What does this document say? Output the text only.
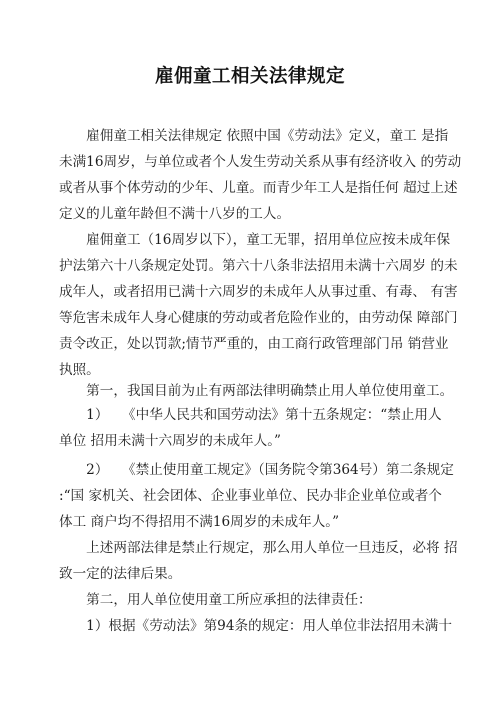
雇佣童工相关法律规定
　　雇佣童工相关法律规定 依照中国《劳动法》定义，童工 是指
未满16周岁，与单位或者个人发生劳动关系从事有经济收入 的劳动
或者从事个体劳动的少年、儿童。而青少年工人是指任何 超过上述
定义的儿童年龄但不满十八岁的工人。
　　雇佣童工（16周岁以下），童工无罪，招用单位应按未成年保
护法第六十八条规定处罚。第六十八条非法招用未满十六周岁 的未
成年人，或者招用已满十六周岁的未成年人从事过重、有毒、 有害
等危害未成年人身心健康的劳动或者危险作业的，由劳动保 障部门
责令改正，处以罚款;情节严重的，由工商行政管理部门吊 销营业
执照。
　　第一，我国目前为止有两部法律明确禁止用人单位使用童工。
　　1）　　《中华人民共和国劳动法》第十五条规定：“禁止用人
单位 招用未满十六周岁的未成年人。”
　　2）　　《禁止使用童工规定》（国务院令第364号）第二条规定
:“国 家机关、社会团体、企业事业单位、民办非企业单位或者个
体工 商户均不得招用不满16周岁的未成年人。”
　　上述两部法律是禁止行规定，那么用人单位一旦违反，必将 招
致一定的法律后果。
　　第二，用人单位使用童工所应承担的法律责任：
　　1）根据《劳动法》第94条的规定：用人单位非法招用未满十
